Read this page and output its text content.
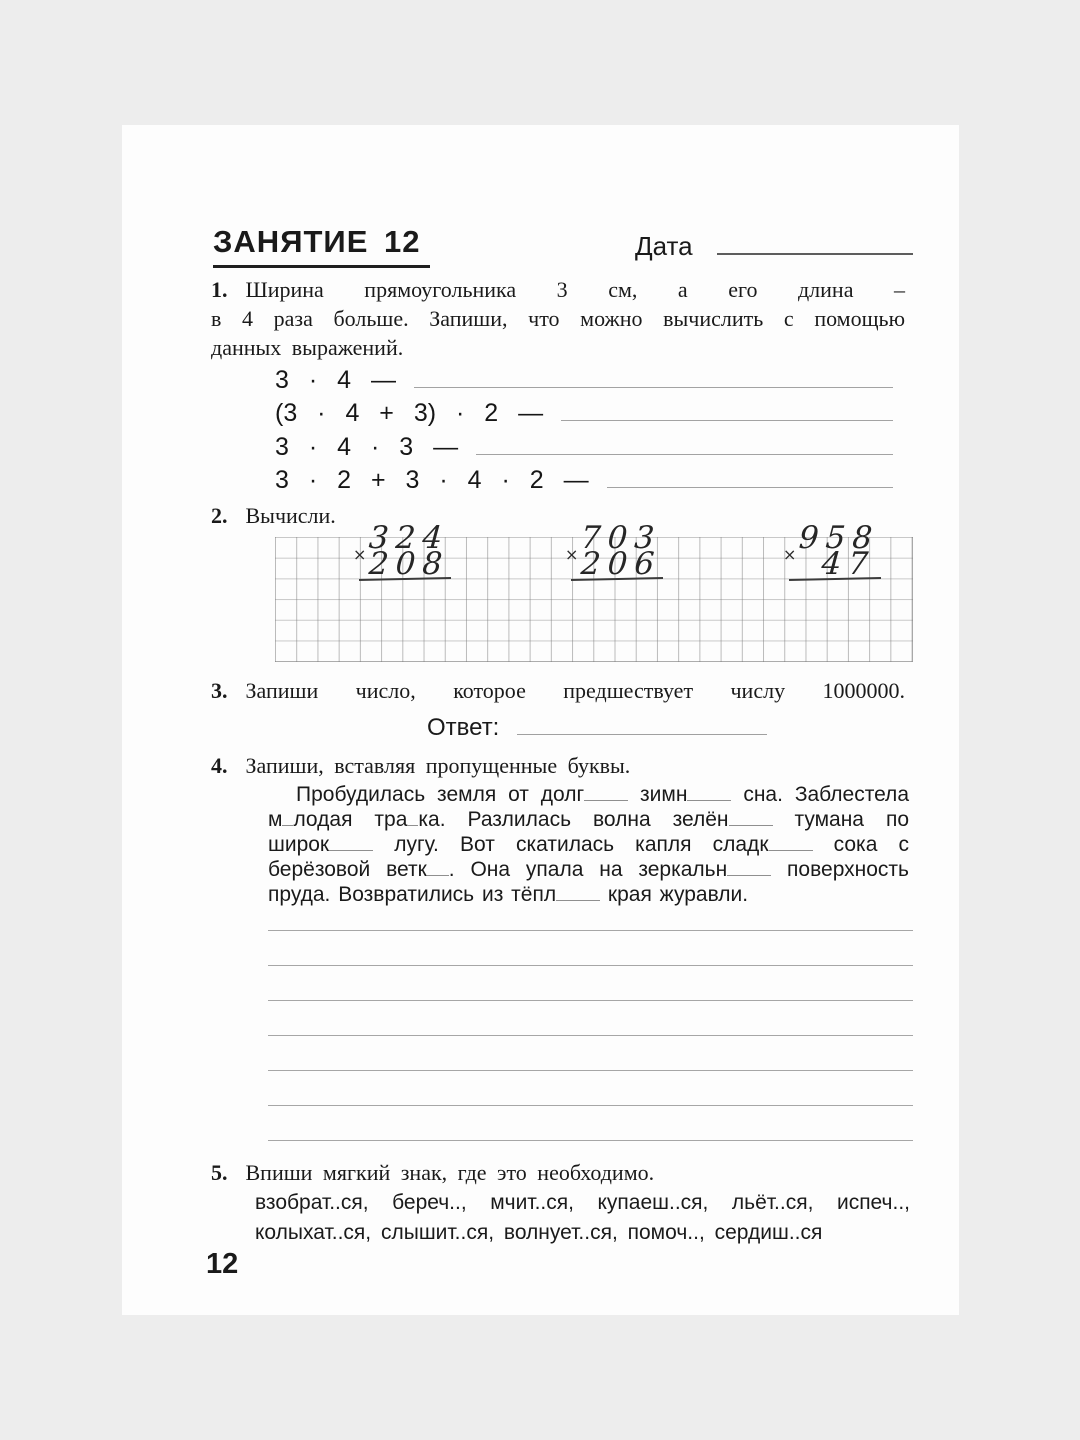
ЗАНЯТИЕ 12	Дата
1. Ширина прямоугольника 3 см, а его длина –
в 4 раза больше. Запиши, что можно вычислить с помощью
данных выражений.
3 · 4 —
(3 · 4 + 3) · 2 —
3 · 4 · 3 —
3 · 2 + 3 · 4 · 2 —
2. Вычисли.
× 324
208	× 703
206	× 958
47
3. Запиши число, которое предшествует числу 1000000.
Ответ:
4. Запиши, вставляя пропущенные буквы.
Пробудилась земля от долг зимн сна. Заблестела
м лодая тра ка. Разлилась волна зелён тумана по
широк лугу. Вот скатилась капля сладк сока с
берёзовой ветк . Она упала на зеркальн поверхность
пруда. Возвратились из тёпл края журавли.
5. Впиши мягкий знак, где это необходимо.
взобрат..ся, береч.., мчит..ся, купаеш..ся, льёт..ся, испеч..,
колыхат..ся, слышит..ся, волнует..ся, помоч.., сердиш..ся
12
